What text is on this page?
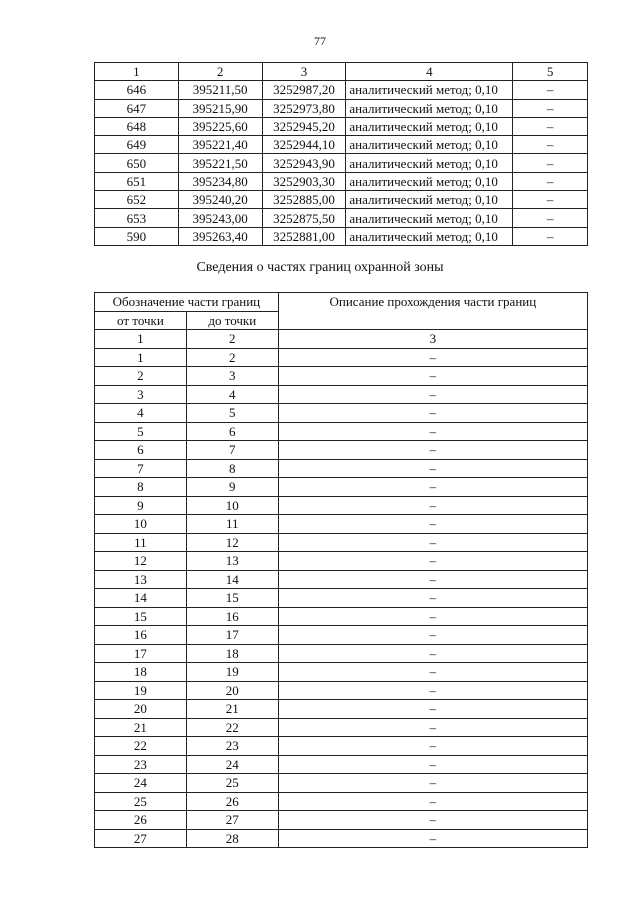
77
1	2	3	4	5
646	395211,50	3252987,20	аналитический метод; 0,10	–
647	395215,90	3252973,80	аналитический метод; 0,10	–
648	395225,60	3252945,20	аналитический метод; 0,10	–
649	395221,40	3252944,10	аналитический метод; 0,10	–
650	395221,50	3252943,90	аналитический метод; 0,10	–
651	395234,80	3252903,30	аналитический метод; 0,10	–
652	395240,20	3252885,00	аналитический метод; 0,10	–
653	395243,00	3252875,50	аналитический метод; 0,10	–
590	395263,40	3252881,00	аналитический метод; 0,10	–
Сведения о частях границ охранной зоны
Обозначение части границ		Описание прохождения части границ
от точки	до точки	
1	2	3
1	2	–
2	3	–
3	4	–
4	5	–
5	6	–
6	7	–
7	8	–
8	9	–
9	10	–
10	11	–
11	12	–
12	13	–
13	14	–
14	15	–
15	16	–
16	17	–
17	18	–
18	19	–
19	20	–
20	21	–
21	22	–
22	23	–
23	24	–
24	25	–
25	26	–
26	27	–
27	28	–
